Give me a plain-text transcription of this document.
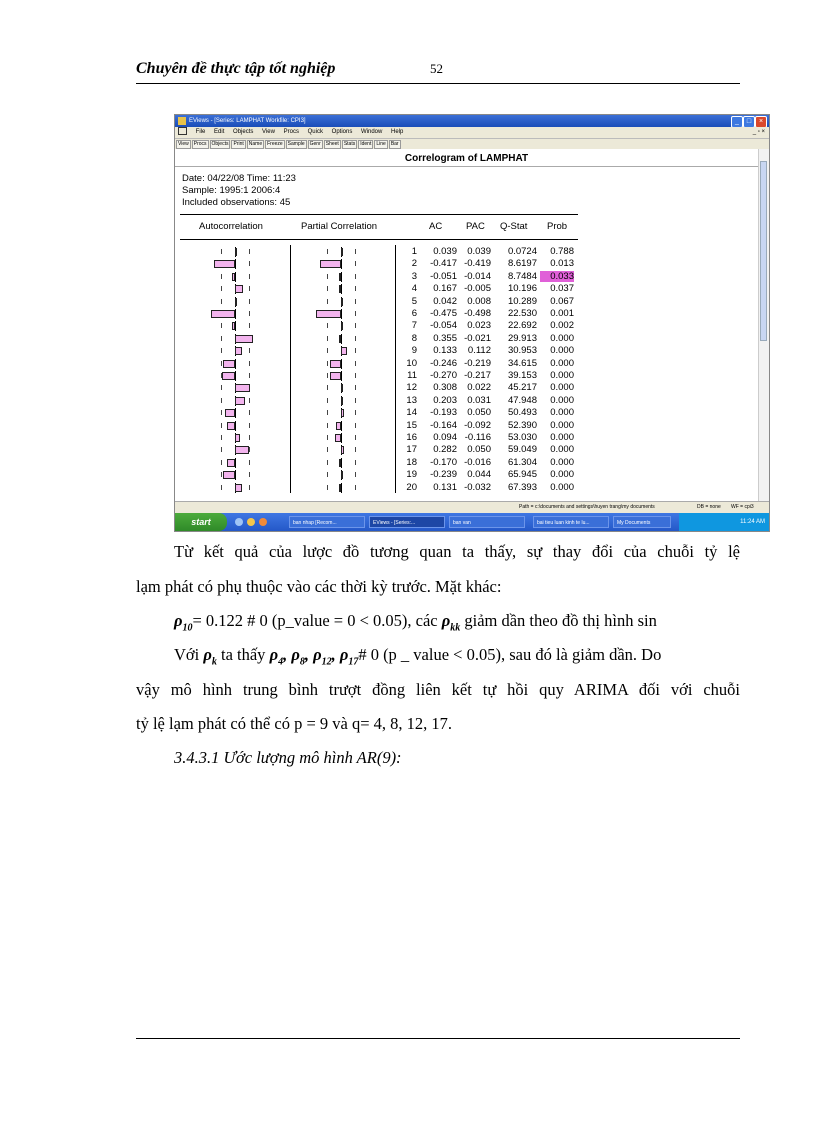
Chuyên đề thực tập tốt nghiệp	52
EViews - [Series: LAMPHAT Workfile: CPI3]	_	□	×
File Edit Objects View Procs Quick Options Window Help	_ ▫ ×
View Procs Objects Print Name Freeze Sample Genr Sheet Stats Ident Line Bar
Correlogram of LAMPHAT
Date: 04/22/08 Time: 11:23
Sample: 1995:1 2006:4
Included observations: 45
Autocorrelation	Partial Correlation	AC	PAC Q-Stat Prob
1	0.039	0.039	0.0724	0.788
2	-0.417 -0.419	8.6197	0.013
3	-0.051 -0.014	8.7484	0.033
4	0.167 -0.005	10.196	0.037
5	0.042	0.008	10.289	0.067
6	-0.475 -0.498	22.530	0.001
7	-0.054	0.023	22.692	0.002
8	0.355 -0.021	29.913	0.000
9	0.133	0.112	30.953	0.000
10	-0.246 -0.219	34.615	0.000
11	-0.270 -0.217	39.153	0.000
12	0.308	0.022	45.217	0.000
13	0.203	0.031	47.948	0.000
14	-0.193	0.050	50.493	0.000
15	-0.164 -0.092	52.390	0.000
16	0.094 -0.116	53.030	0.000
17	0.282	0.050	59.049	0.000
18	-0.170 -0.016	61.304	0.000
19	-0.239	0.044	65.945	0.000
20	0.131 -0.032	67.393	0.000
Path = c:\documents and settings\huyen trang\my documents	DB = none WF = cpi3
start	ban nhap [Recom...	EViews - [Series:...	ban van	bai tieu luan kinh te lu...	My Documents	11:24 AM
Từ kết quả của lược đồ tương quan ta thấy, sự thay đổi của chuỗi tỷ lệ
lạm phát có phụ thuộc vào các thời kỳ trước. Mặt khác:
$\rho_{10}= 0.122$ # 0 (p_value = 0 < 0.05), các $\rho_{kk}$ giảm dần theo đồ thị hình sin
Với $\rho_k$ ta thấy $\rho_4$, $\rho_8$, $\rho_{12}$, $\rho_{17}\#$ 0 (p _ value < 0.05), sau đó là giảm dần. Do
vậy mô hình trung bình trượt đồng liên kết tự hồi quy ARIMA đối với chuỗi
tỷ lệ lạm phát có thể có p = 9 và q= 4, 8, 12, 17.
3.4.3.1 Ước lượng mô hình AR(9):
